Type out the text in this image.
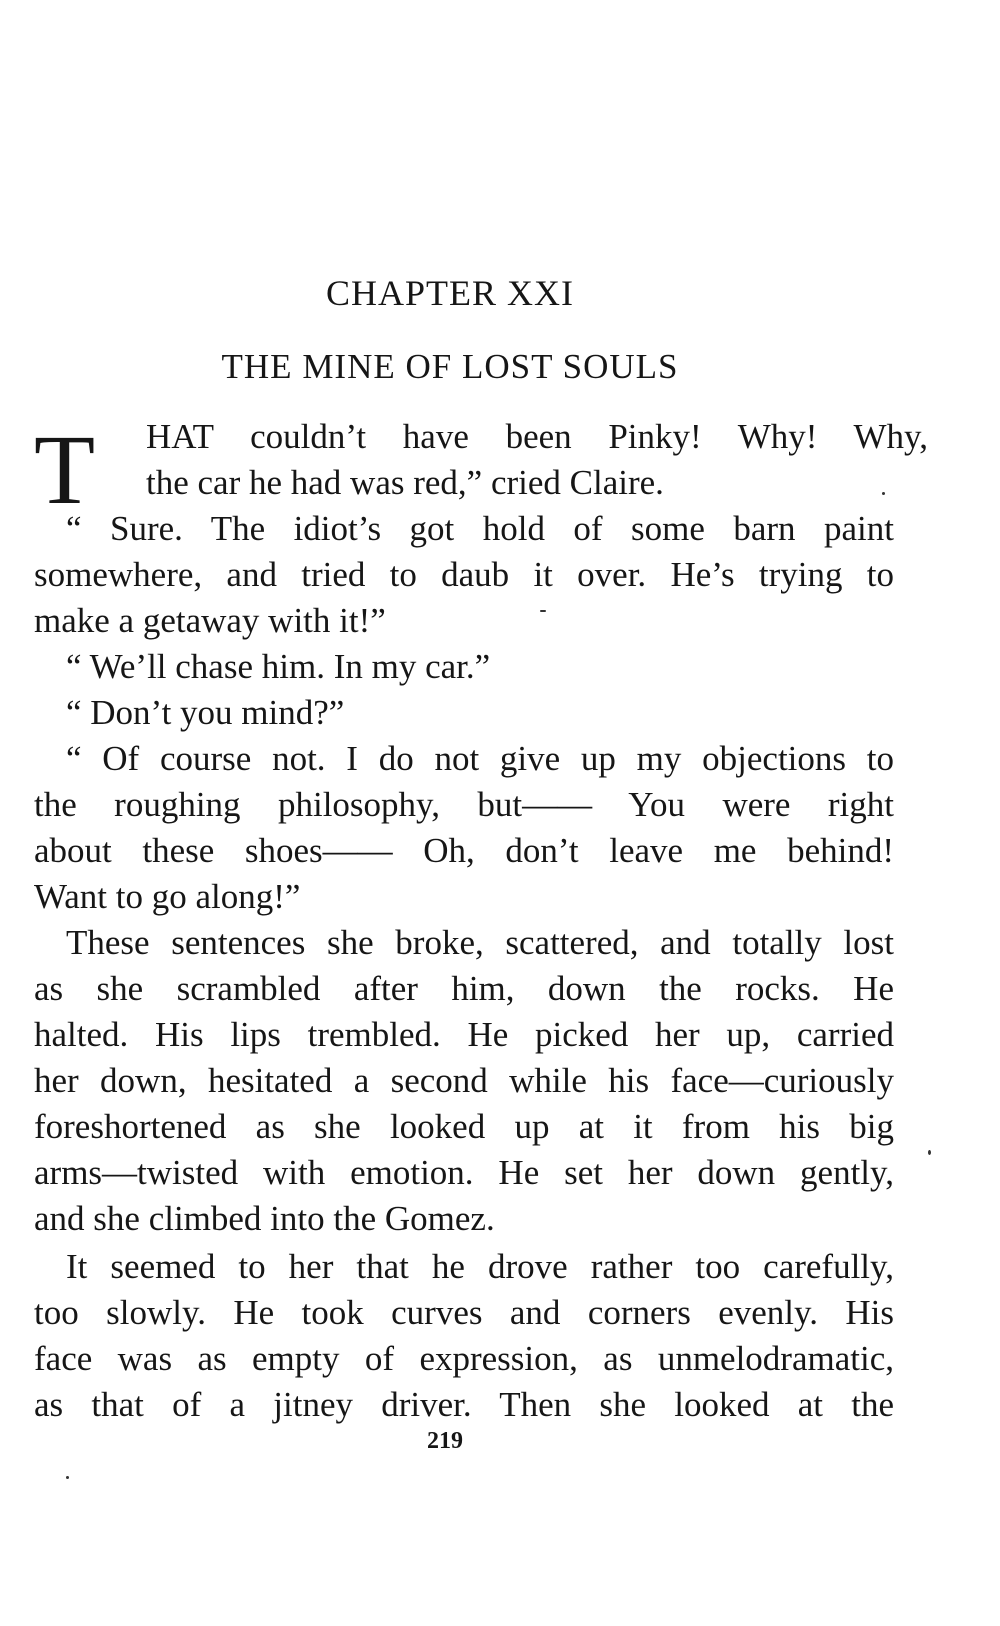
CHAPTER XXI
THE MINE OF LOST SOULS
T HAT couldn’t have been Pinky! Why! Why,
the car he had was red,” cried Claire.
“ Sure. The idiot’s got hold of some barn paint
somewhere, and tried to daub it over. He’s trying to
make a getaway with it!”
“ We’ll chase him. In my car.”
“ Don’t you mind?”
“ Of course not. I do not give up my objections to
the roughing philosophy, but—— You were right
about these shoes—— Oh, don’t leave me behind!
Want to go along!”
These sentences she broke, scattered, and totally lost
as she scrambled after him, down the rocks. He
halted. His lips trembled. He picked her up, carried
her down, hesitated a second while his face—curiously
foreshortened as she looked up at it from his big
arms—twisted with emotion. He set her down gently,
and she climbed into the Gomez.
It seemed to her that he drove rather too carefully,
too slowly. He took curves and corners evenly. His
face was as empty of expression, as unmelodramatic,
as that of a jitney driver. Then she looked at the
219
